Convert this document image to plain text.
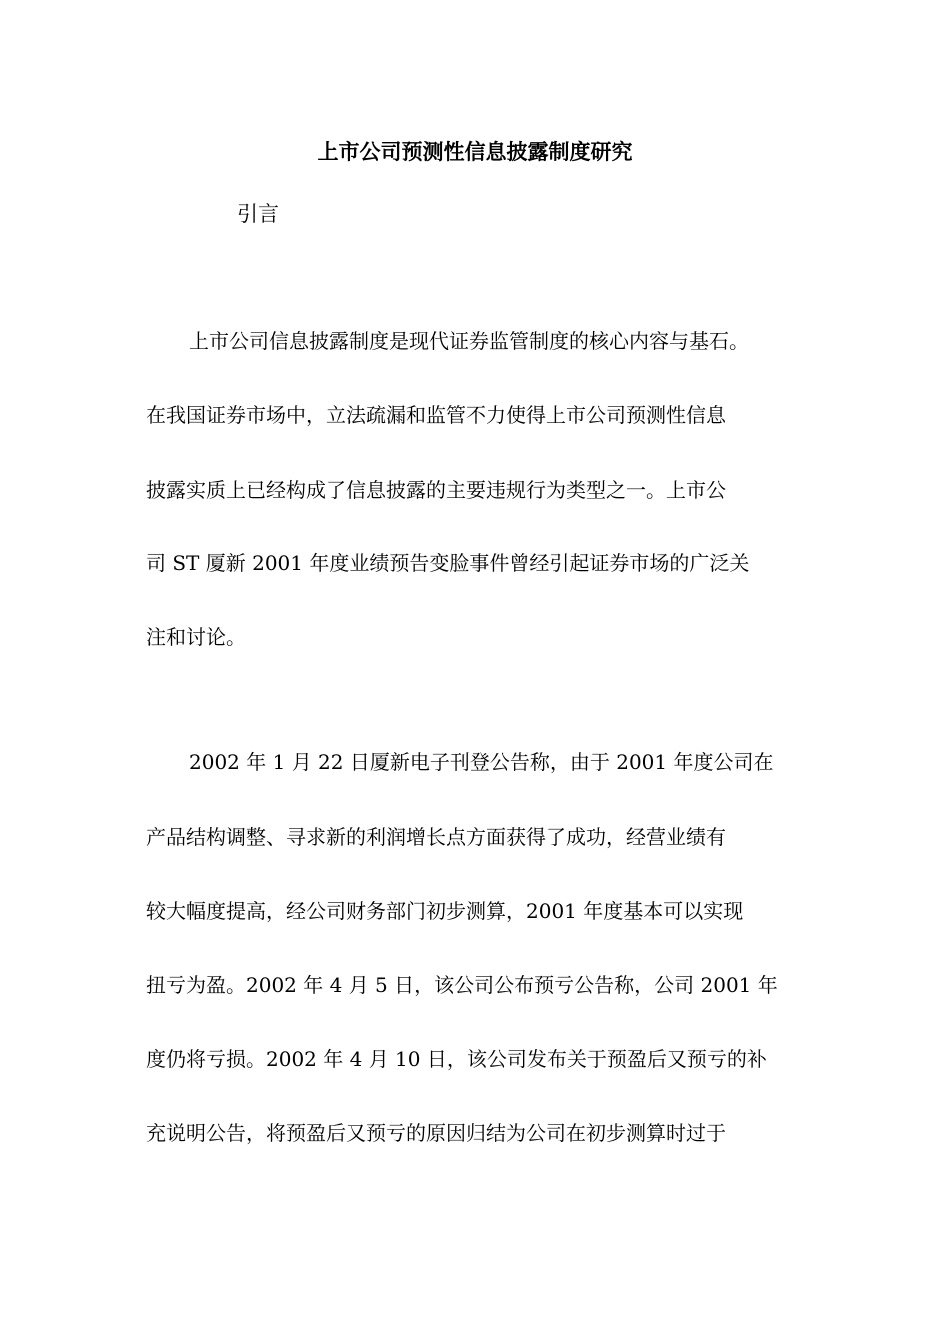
上市公司预测性信息披露制度研究
引言
上市公司信息披露制度是现代证券监管制度的核心内容与基石。
在我国证券市场中，立法疏漏和监管不力使得上市公司预测性信息
披露实质上已经构成了信息披露的主要违规行为类型之一。上市公
司 ST 厦新 2001 年度业绩预告变脸事件曾经引起证券市场的广泛关
注和讨论。
2002 年 1 月 22 日厦新电子刊登公告称，由于 2001 年度公司在
产品结构调整、寻求新的利润增长点方面获得了成功，经营业绩有
较大幅度提高，经公司财务部门初步测算，2001 年度基本可以实现
扭亏为盈。2002 年 4 月 5 日，该公司公布预亏公告称，公司 2001 年
度仍将亏损。2002 年 4 月 10 日，该公司发布关于预盈后又预亏的补
充说明公告，将预盈后又预亏的原因归结为公司在初步测算时过于
